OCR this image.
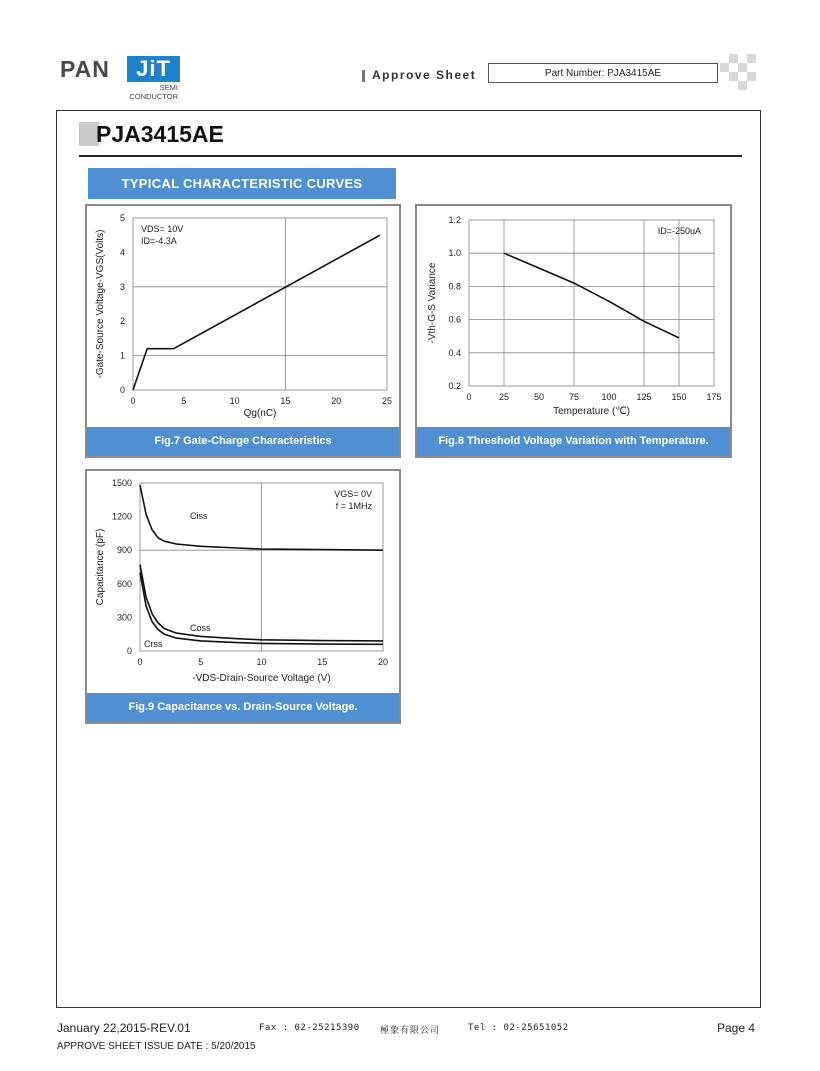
PAN	JiT
SEMI
CONDUCTOR
Approve Sheet	Part Number: PJA3415AE
PJA3415AE
TYPICAL CHARACTERISTIC CURVES
0	5	10	15	20	25
0
1
2
3
4
5
Qg(nC)
-Gate-Source Voltage-VGS(Volts)
VDS= 10V
ID=-4.3A
Fig.7 Gate-Charge Characteristics
0	25	50	75 100 125 150 175
0.2
0.4
0.6
0.8
1.0
1.2
Temperature (℃)
-Vth-G-S Variance
ID=-250uA
Fig.8 Threshold Voltage Variation with Temperature.
0	5	10	15	20
0
300
600
900
1200
1500
-VDS-Drain-Source Voltage (V)
Capacitance (pF)
VGS= 0V
f = 1MHz
Ciss
Coss
Crss
Fig.9 Capacitance vs. Drain-Source Voltage.
January 22,2015-REV.01	Fax : 02-25215390 極象有限公司	Tel : 02-25651052	Page 4
APPROVE SHEET ISSUE DATE : 5/20/2015
